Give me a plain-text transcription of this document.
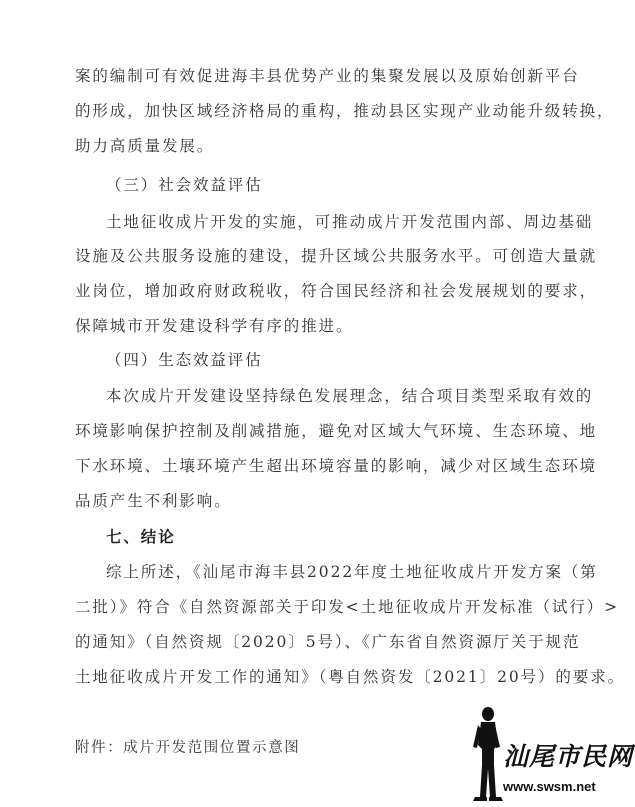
案的编制可有效促进海丰县优势产业的集聚发展以及原始创新平台
的形成，加快区域经济格局的重构，推动县区实现产业动能升级转换，
助力高质量发展。
（三）社会效益评估
土地征收成片开发的实施，可推动成片开发范围内部、周边基础
设施及公共服务设施的建设，提升区域公共服务水平。可创造大量就
业岗位，增加政府财政税收，符合国民经济和社会发展规划的要求，
保障城市开发建设科学有序的推进。
（四）生态效益评估
本次成片开发建设坚持绿色发展理念，结合项目类型采取有效的
环境影响保护控制及削减措施，避免对区域大气环境、生态环境、地
下水环境、土壤环境产生超出环境容量的影响，减少对区域生态环境
品质产生不利影响。
七、结论
综上所述，《汕尾市海丰县2022年度土地征收成片开发方案（第
二批）》符合《自然资源部关于印发<土地征收成片开发标准（试行）>
的通知》（自然资规〔2020〕5号）、《广东省自然资源厅关于规范
土地征收成片开发工作的通知》（粤自然资发〔2021〕20号）的要求。
附件：成片开发范围位置示意图	汕尾市民网
www.swsm.net
